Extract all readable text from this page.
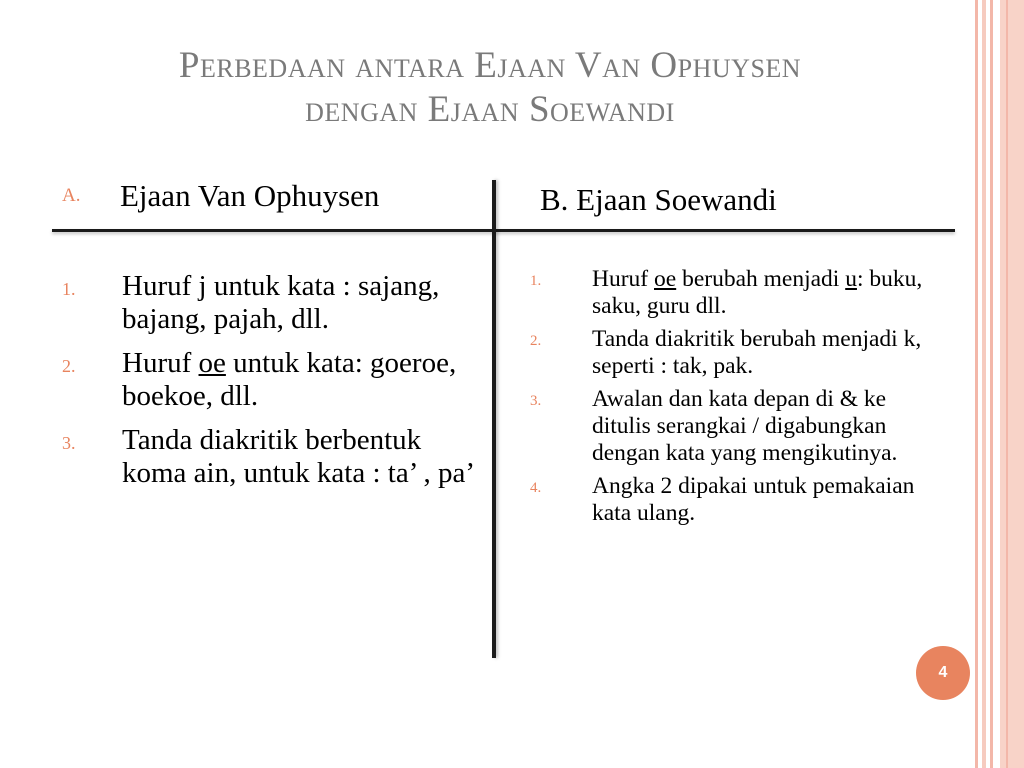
Perbedaan antara Ejaan Van Ophuysen
dengan Ejaan Soewandi
A. Ejaan Van Ophuysen	B. Ejaan Soewandi
1. Huruf j untuk kata : sajang, bajang, pajah, dll.
2. Huruf oe untuk kata: goeroe, boekoe, dll.
3. Tanda diakritik berbentuk koma ain, untuk kata : ta’ , pa’
1. Huruf oe berubah menjadi u: buku, saku, guru dll.
2. Tanda diakritik berubah menjadi k, seperti : tak, pak.
3. Awalan dan kata depan di & ke ditulis serangkai / digabungkan dengan kata yang mengikutinya.
4. Angka 2 dipakai untuk pemakaian kata ulang.
4
